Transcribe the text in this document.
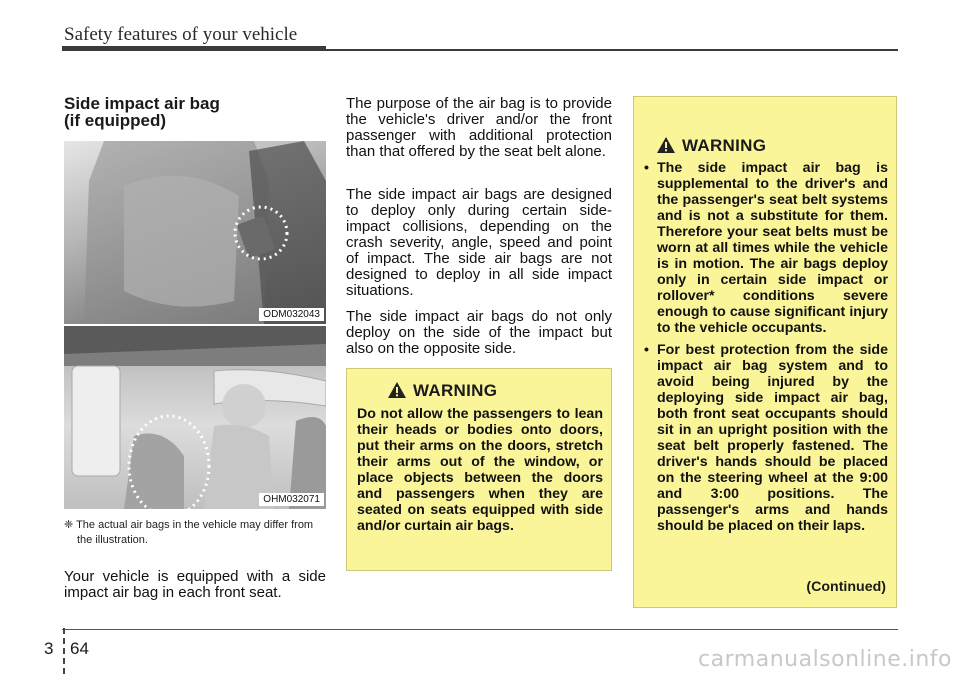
Safety features of your vehicle
Side impact air bag
(if equipped)
ODM032043
OHM032071
❈ The actual air bags in the vehicle may differ from the illustration.
Your vehicle is equipped with a side impact air bag in each front seat.
The purpose of the air bag is to provide the vehicle's driver and/or the front passenger with additional protection than that offered by the seat belt alone.
The side impact air bags are designed to deploy only during certain side-impact collisions, depending on the crash severity, angle, speed and point of impact. The side air bags are not designed to deploy in all side impact situations.
The side impact air bags do not only deploy on the side of the impact but also on the opposite side.
WARNING
Do not allow the passengers to lean their heads or bodies onto doors, put their arms on the doors, stretch their arms out of the window, or place objects between the doors and passengers when they are seated on seats equipped with side and/or curtain air bags.
WARNING
• The side impact air bag is supplemental to the driver's and the passenger's seat belt systems and is not a substitute for them. Therefore your seat belts must be worn at all times while the vehicle is in motion. The air bags deploy only in certain side impact or rollover* conditions severe enough to cause significant injury to the vehicle occupants.
• For best protection from the side impact air bag system and to avoid being injured by the deploying side impact air bag, both front seat occupants should sit in an upright position with the seat belt properly fastened. The driver's hands should be placed on the steering wheel at the 9:00 and 3:00 positions. The passenger's arms and hands should be placed on their laps.
(Continued)
3 64	carmanualsonline.info
